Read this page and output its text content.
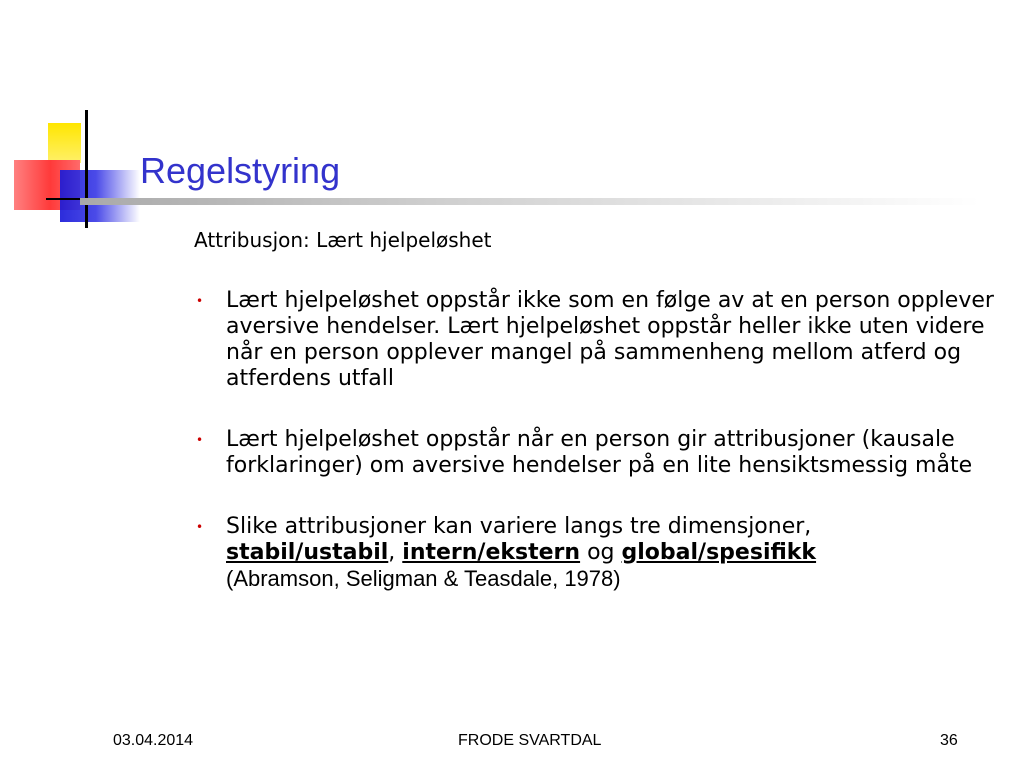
Regelstyring

Attribusjon: Lært hjelpeløshet

• Lært hjelpeløshet oppstår ikke som en følge av at en person opplever aversive hendelser. Lært hjelpeløshet oppstår heller ikke uten videre når en person opplever mangel på sammenheng mellom atferd og atferdens utfall
• Lært hjelpeløshet oppstår når en person gir attribusjoner (kausale forklaringer) om aversive hendelser på en lite hensiktsmessig måte
• Slike attribusjoner kan variere langs tre dimensjoner,
stabil/ustabil, intern/ekstern og global/spesifikk
(Abramson, Seligman & Teasdale, 1978)
03.04.2014	FRODE SVARTDAL	36
